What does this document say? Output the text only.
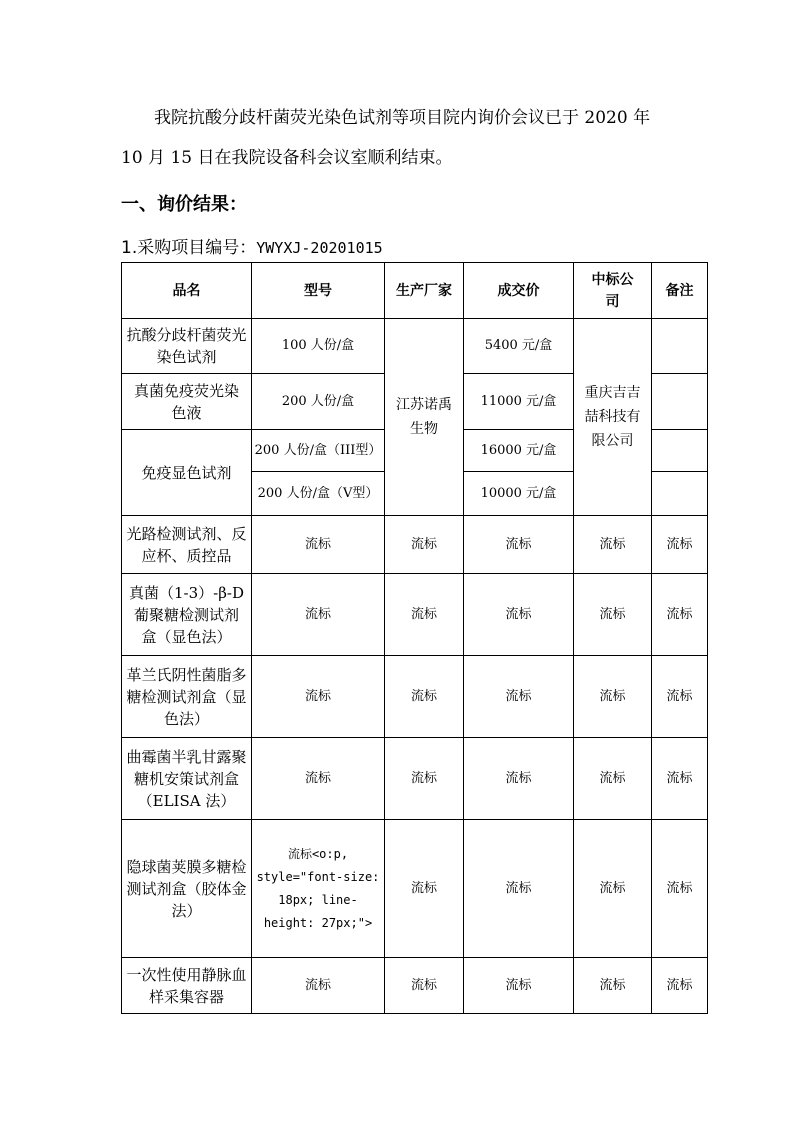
我院抗酸分歧杆菌荧光染色试剂等项目院内询价会议已于 2020 年

10 月 15 日在我院设备科会议室顺利结束。

一、询价结果：

1.采购项目编号：YWYXJ-20201015

品名	型号	生产厂家	成交价	中标公司	备注
抗酸分歧杆菌荧光染色试剂	100 人份/盒	江苏诺禹生物	5400 元/盒	重庆吉吉喆科技有限公司	
真菌免疫荧光染色液	200 人份/盒		11000 元/盒		
免疫显色试剂	200 人份/盒（III型）		16000 元/盒		
	200 人份/盒（Ⅴ型）		10000 元/盒		
光路检测试剂、反应杯、质控品	流标	流标	流标	流标	流标
真菌（1-3）-β-D葡聚糖检测试剂盒（显色法）	流标	流标	流标	流标	流标
革兰氏阴性菌脂多糖检测试剂盒（显色法）	流标	流标	流标	流标	流标
曲霉菌半乳甘露聚糖机安策试剂盒（ELISA 法）	流标	流标	流标	流标	流标
隐球菌荚膜多糖检测试剂盒（胶体金法）	流标<o:p, style="font-size: 18px; line-height: 27px;">	流标	流标	流标	流标
一次性使用静脉血样采集容器	流标	流标	流标	流标	流标
